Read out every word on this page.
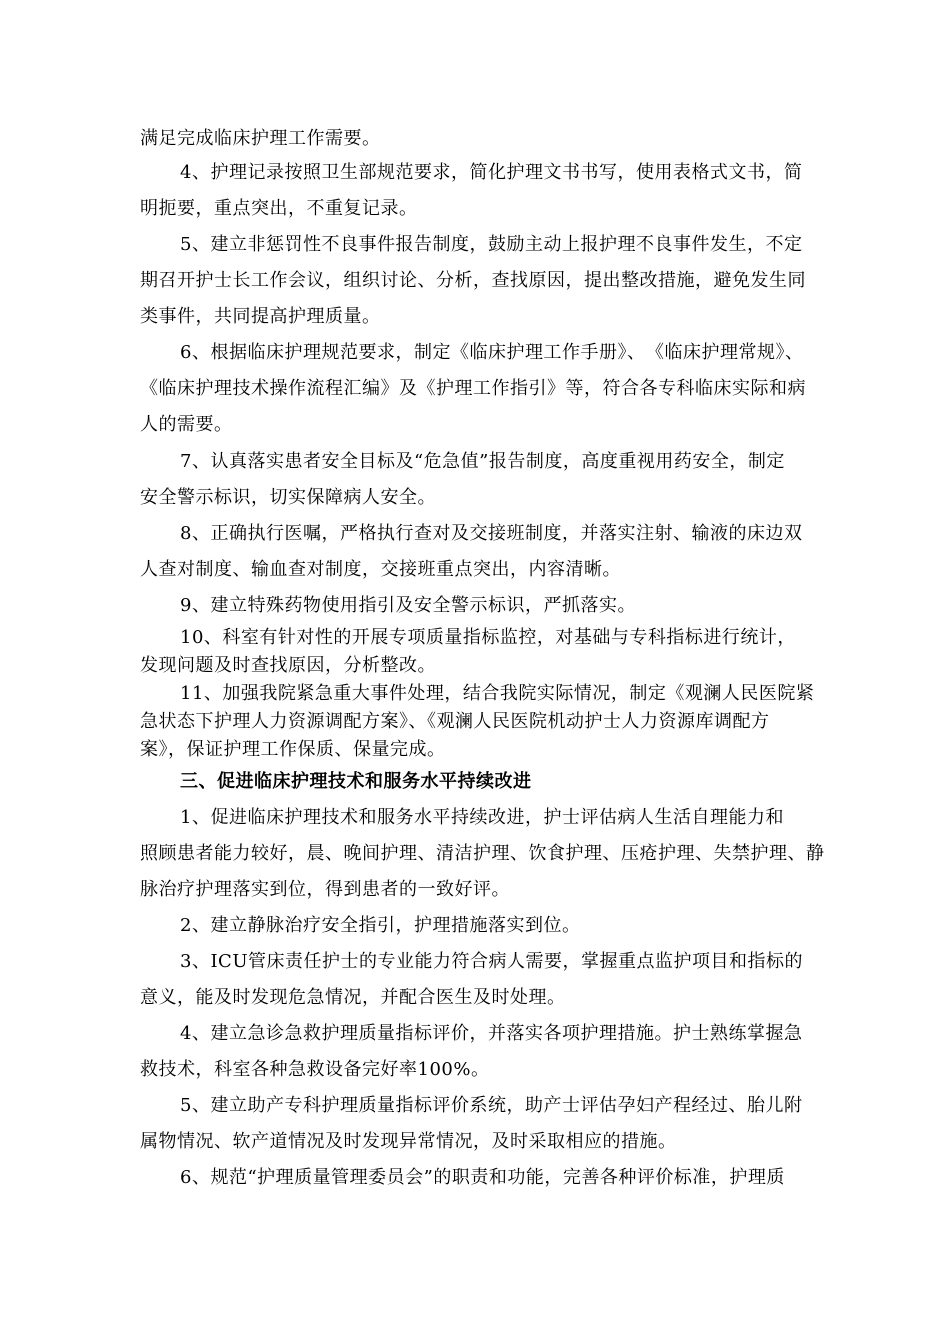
满足完成临床护理工作需要。
4、护理记录按照卫生部规范要求，简化护理文书书写，使用表格式文书，简
明扼要，重点突出，不重复记录。
5、建立非惩罚性不良事件报告制度，鼓励主动上报护理不良事件发生，不定
期召开护士长工作会议，组织讨论、分析，查找原因，提出整改措施，避免发生同
类事件，共同提高护理质量。
6、根据临床护理规范要求，制定《临床护理工作手册》、　《临床护理常规》、
《临床护理技术操作流程汇编》及《护理工作指引》等，符合各专科临床实际和病
人的需要。
7、认真落实患者安全目标及“危急值”报告制度，高度重视用药安全，制定
安全警示标识，切实保障病人安全。
8、正确执行医嘱，严格执行查对及交接班制度，并落实注射、输液的床边双
人查对制度、输血查对制度，交接班重点突出，内容清晰。
9、建立特殊药物使用指引及安全警示标识，严抓落实。
10、科室有针对性的开展专项质量指标监控，对基础与专科指标进行统计，
发现问题及时查找原因，分析整改。
11、加强我院紧急重大事件处理，结合我院实际情况，制定《观澜人民医院紧
急状态下护理人力资源调配方案》、《观澜人民医院机动护士人力资源库调配方
案》，保证护理工作保质、保量完成。
三、促进临床护理技术和服务水平持续改进
1、促进临床护理技术和服务水平持续改进，护士评估病人生活自理能力和
照顾患者能力较好，晨、晚间护理、清洁护理、饮食护理、压疮护理、失禁护理、静
脉治疗护理落实到位，得到患者的一致好评。
2、建立静脉治疗安全指引，护理措施落实到位。
3、ICU管床责任护士的专业能力符合病人需要，掌握重点监护项目和指标的
意义，能及时发现危急情况，并配合医生及时处理。
4、建立急诊急救护理质量指标评价，并落实各项护理措施。护士熟练掌握急
救技术，科室各种急救设备完好率100%。
5、建立助产专科护理质量指标评价系统，助产士评估孕妇产程经过、胎儿附
属物情况、软产道情况及时发现异常情况，及时采取相应的措施。
6、规范“护理质量管理委员会”的职责和功能，完善各种评价标准，护理质
